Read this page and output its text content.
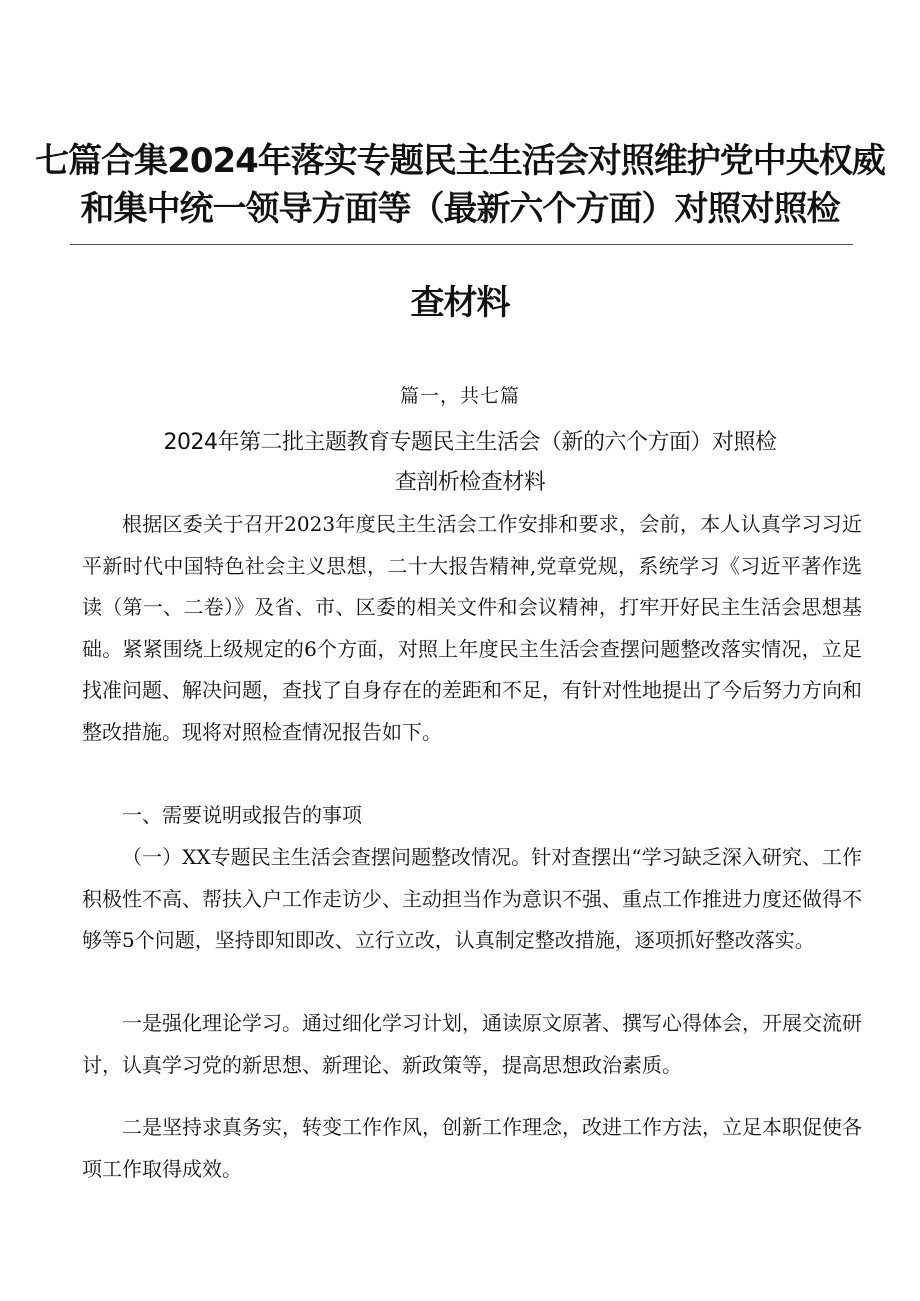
七篇合集2024年落实专题民主生活会对照维护党中央权威
和集中统一领导方面等（最新六个方面）对照对照检
查材料
篇一，共七篇
2024年第二批主题教育专题民主生活会（新的六个方面）对照检
查剖析检查材料

根据区委关于召开2023年度民主生活会工作安排和要求，会前，本人认真学习习近平新时代中国特色社会主义思想，二十大报告精神,党章党规，系统学习《习近平著作选读（第一、二卷）》及省、市、区委的相关文件和会议精神，打牢开好民主生活会思想基础。紧紧围绕上级规定的6个方面，对照上年度民主生活会查摆问题整改落实情况，立足找准问题、解决问题，查找了自身存在的差距和不足，有针对性地提出了今后努力方向和整改措施。现将对照检查情况报告如下。

一、需要说明或报告的事项

（一）XX专题民主生活会查摆问题整改情况。针对查摆出“学习缺乏深入研究、工作积极性不高、帮扶入户工作走访少、主动担当作为意识不强、重点工作推进力度还做得不够等5个问题，坚持即知即改、立行立改，认真制定整改措施，逐项抓好整改落实。

一是强化理论学习。通过细化学习计划，通读原文原著、撰写心得体会，开展交流研讨，认真学习党的新思想、新理论、新政策等，提高思想政治素质。

二是坚持求真务实，转变工作作风，创新工作理念，改进工作方法，立足本职促使各项工作取得成效。
